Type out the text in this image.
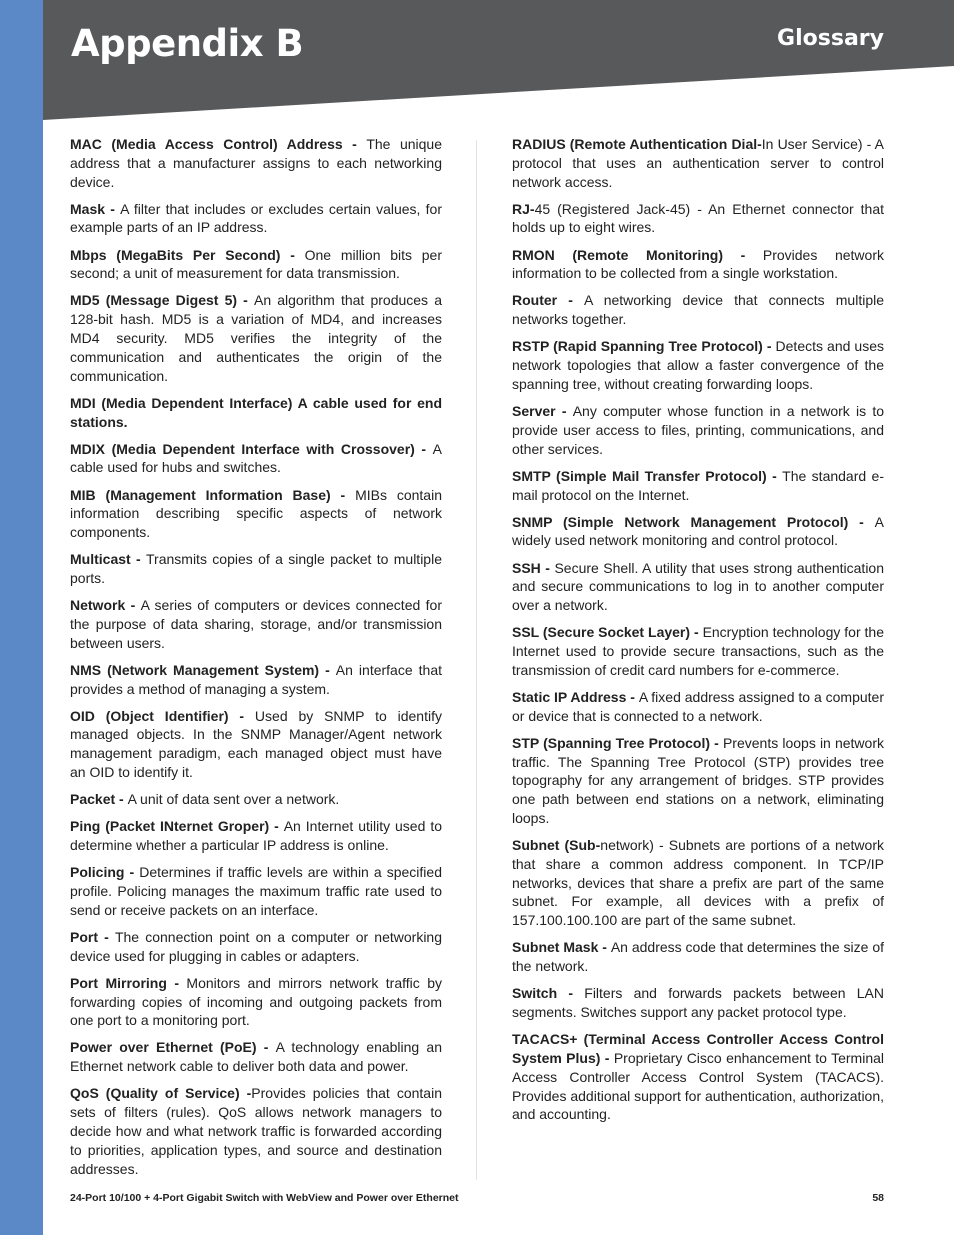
Appendix B	Glossary

MAC (Media Access Control) Address - The unique address that a manufacturer assigns to each networking device.

Mask - A filter that includes or excludes certain values, for example parts of an IP address.

Mbps (MegaBits Per Second) - One million bits per second; a unit of measurement for data transmission.

MD5 (Message Digest 5) - An algorithm that produces a 128-bit hash. MD5 is a variation of MD4, and increases MD4 security. MD5 verifies the integrity of the communication and authenticates the origin of the communication.

MDI (Media Dependent Interface) A cable used for end stations.

MDIX (Media Dependent Interface with Crossover) - A cable used for hubs and switches.

MIB (Management Information Base) - MIBs contain information describing specific aspects of network components.

Multicast - Transmits copies of a single packet to multiple ports.

Network - A series of computers or devices connected for the purpose of data sharing, storage, and/or transmission between users.

NMS (Network Management System) - An interface that provides a method of managing a system.

OID (Object Identifier) - Used by SNMP to identify managed objects. In the SNMP Manager/Agent network management paradigm, each managed object must have an OID to identify it.

Packet - A unit of data sent over a network.

Ping (Packet INternet Groper) - An Internet utility used to determine whether a particular IP address is online.

Policing - Determines if traffic levels are within a specified profile. Policing manages the maximum traffic rate used to send or receive packets on an interface.

Port - The connection point on a computer or networking device used for plugging in cables or adapters.

Port Mirroring - Monitors and mirrors network traffic by forwarding copies of incoming and outgoing packets from one port to a monitoring port.

Power over Ethernet (PoE) - A technology enabling an Ethernet network cable to deliver both data and power.

QoS (Quality of Service) -Provides policies that contain sets of filters (rules). QoS allows network managers to decide how and what network traffic is forwarded according to priorities, application types, and source and destination addresses.

RADIUS (Remote Authentication Dial-In User Service) - A protocol that uses an authentication server to control network access.

RJ-45 (Registered Jack-45) - An Ethernet connector that holds up to eight wires.

RMON (Remote Monitoring) - Provides network information to be collected from a single workstation.

Router - A networking device that connects multiple networks together.

RSTP (Rapid Spanning Tree Protocol) - Detects and uses network topologies that allow a faster convergence of the spanning tree, without creating forwarding loops.

Server - Any computer whose function in a network is to provide user access to files, printing, communications, and other services.

SMTP (Simple Mail Transfer Protocol) - The standard e-mail protocol on the Internet.

SNMP (Simple Network Management Protocol) - A widely used network monitoring and control protocol.

SSH - Secure Shell. A utility that uses strong authentication and secure communications to log in to another computer over a network.

SSL (Secure Socket Layer) - Encryption technology for the Internet used to provide secure transactions, such as the transmission of credit card numbers for e-commerce.

Static IP Address - A fixed address assigned to a computer or device that is connected to a network.

STP (Spanning Tree Protocol) - Prevents loops in network traffic. The Spanning Tree Protocol (STP) provides tree topography for any arrangement of bridges. STP provides one path between end stations on a network, eliminating loops.

Subnet (Sub-network) - Subnets are portions of a network that share a common address component. In TCP/IP networks, devices that share a prefix are part of the same subnet. For example, all devices with a prefix of 157.100.100.100 are part of the same subnet.

Subnet Mask - An address code that determines the size of the network.

Switch - Filters and forwards packets between LAN segments. Switches support any packet protocol type.

TACACS+ (Terminal Access Controller Access Control System Plus) - Proprietary Cisco enhancement to Terminal Access Controller Access Control System (TACACS). Provides additional support for authentication, authorization, and accounting.

24-Port 10/100 + 4-Port Gigabit Switch with WebView and Power over Ethernet	58
